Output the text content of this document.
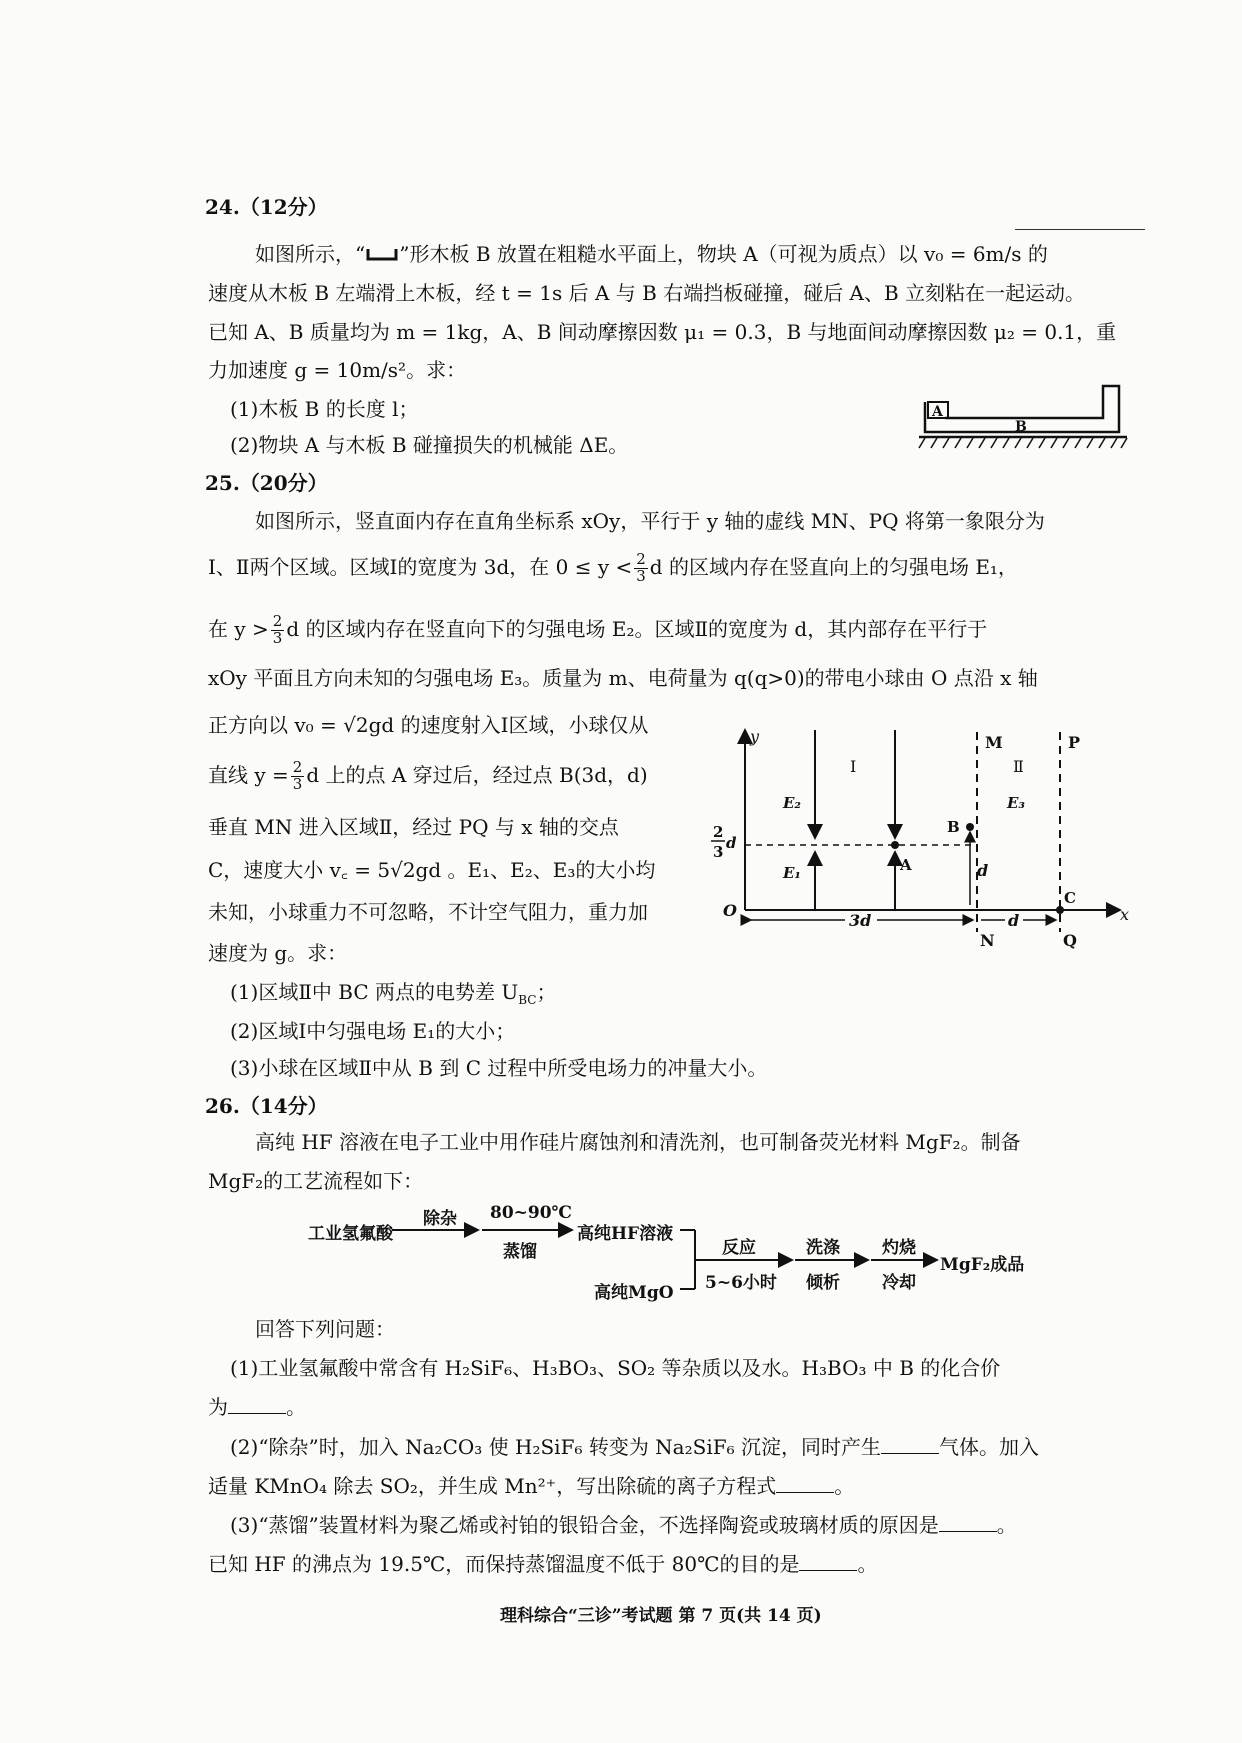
24.（12分）
如图所示，“ ”形木板 B 放置在粗糙水平面上，物块 A（可视为质点）以 v₀ = 6m/s 的
速度从木板 B 左端滑上木板，经 t = 1s 后 A 与 B 右端挡板碰撞，碰后 A、B 立刻粘在一起运动。
已知 A、B 质量均为 m = 1kg，A、B 间动摩擦因数 μ₁ = 0.3，B 与地面间动摩擦因数 μ₂ = 0.1，重
力加速度 g = 10m/s²。求：
(1)木板 B 的长度 l；
(2)物块 A 与木板 B 碰撞损失的机械能 ΔE。
A
B
25.（20分）
如图所示，竖直面内存在直角坐标系 xOy，平行于 y 轴的虚线 MN、PQ 将第一象限分为
Ⅰ、Ⅱ两个区域。区域Ⅰ的宽度为 3d，在 $0 \le y < \frac{2}{3}$ d 的区域内存在竖直向上的匀强电场 E₁，
在 $y > \frac{2}{3}$ d 的区域内存在竖直向下的匀强电场 E₂。区域Ⅱ的宽度为 d，其内部存在平行于
xOy 平面且方向未知的匀强电场 E₃。质量为 m、电荷量为 q(q>0)的带电小球由 O 点沿 x 轴
正方向以 v₀ = √2gd 的速度射入Ⅰ区域，小球仅从
直线 $y = \frac{2}{3}$ d 上的点 A 穿过后，经过点 B(3d，d)
垂直 MN 进入区域Ⅱ，经过 PQ 与 x 轴的交点
C，速度大小 v꜀ = 5√2gd 。E₁、E₂、E₃的大小均
未知，小球重力不可忽略，不计空气阻力，重力加
速度为 g。求：
(1)区域Ⅱ中 BC 两点的电势差 $U_{BC}$；
(2)区域Ⅰ中匀强电场 E₁的大小；
(3)小球在区域Ⅱ中从 B 到 C 过程中所受电场力的冲量大小。
y
x
O
M	P
N	Q
Ⅰ	Ⅱ
2
3 d
E₂
E₁	A
B
d
E₃
C
3d	d
26.（14分）
高纯 HF 溶液在电子工业中用作硅片腐蚀剂和清洗剂，也可制备荧光材料 MgF₂。制备
MgF₂的工艺流程如下：
工业氢氟酸
除杂 80~90℃
蒸馏
高纯HF溶液
高纯MgO
反应
5~6小时
洗涤
倾析
灼烧
冷却
MgF₂成品
回答下列问题：
(1)工业氢氟酸中常含有 H₂SiF₆、H₃BO₃、SO₂ 等杂质以及水。H₃BO₃ 中 B 的化合价
为	。
(2)“除杂”时，加入 Na₂CO₃ 使 H₂SiF₆ 转变为 Na₂SiF₆ 沉淀，同时产生	气体。加入
适量 KMnO₄ 除去 SO₂，并生成 Mn²⁺，写出除硫的离子方程式	。
(3)“蒸馏”装置材料为聚乙烯或衬铂的银铅合金，不选择陶瓷或玻璃材质的原因是	。
已知 HF 的沸点为 19.5℃，而保持蒸馏温度不低于 80℃的目的是	。
理科综合“三诊”考试题 第 7 页(共 14 页)
